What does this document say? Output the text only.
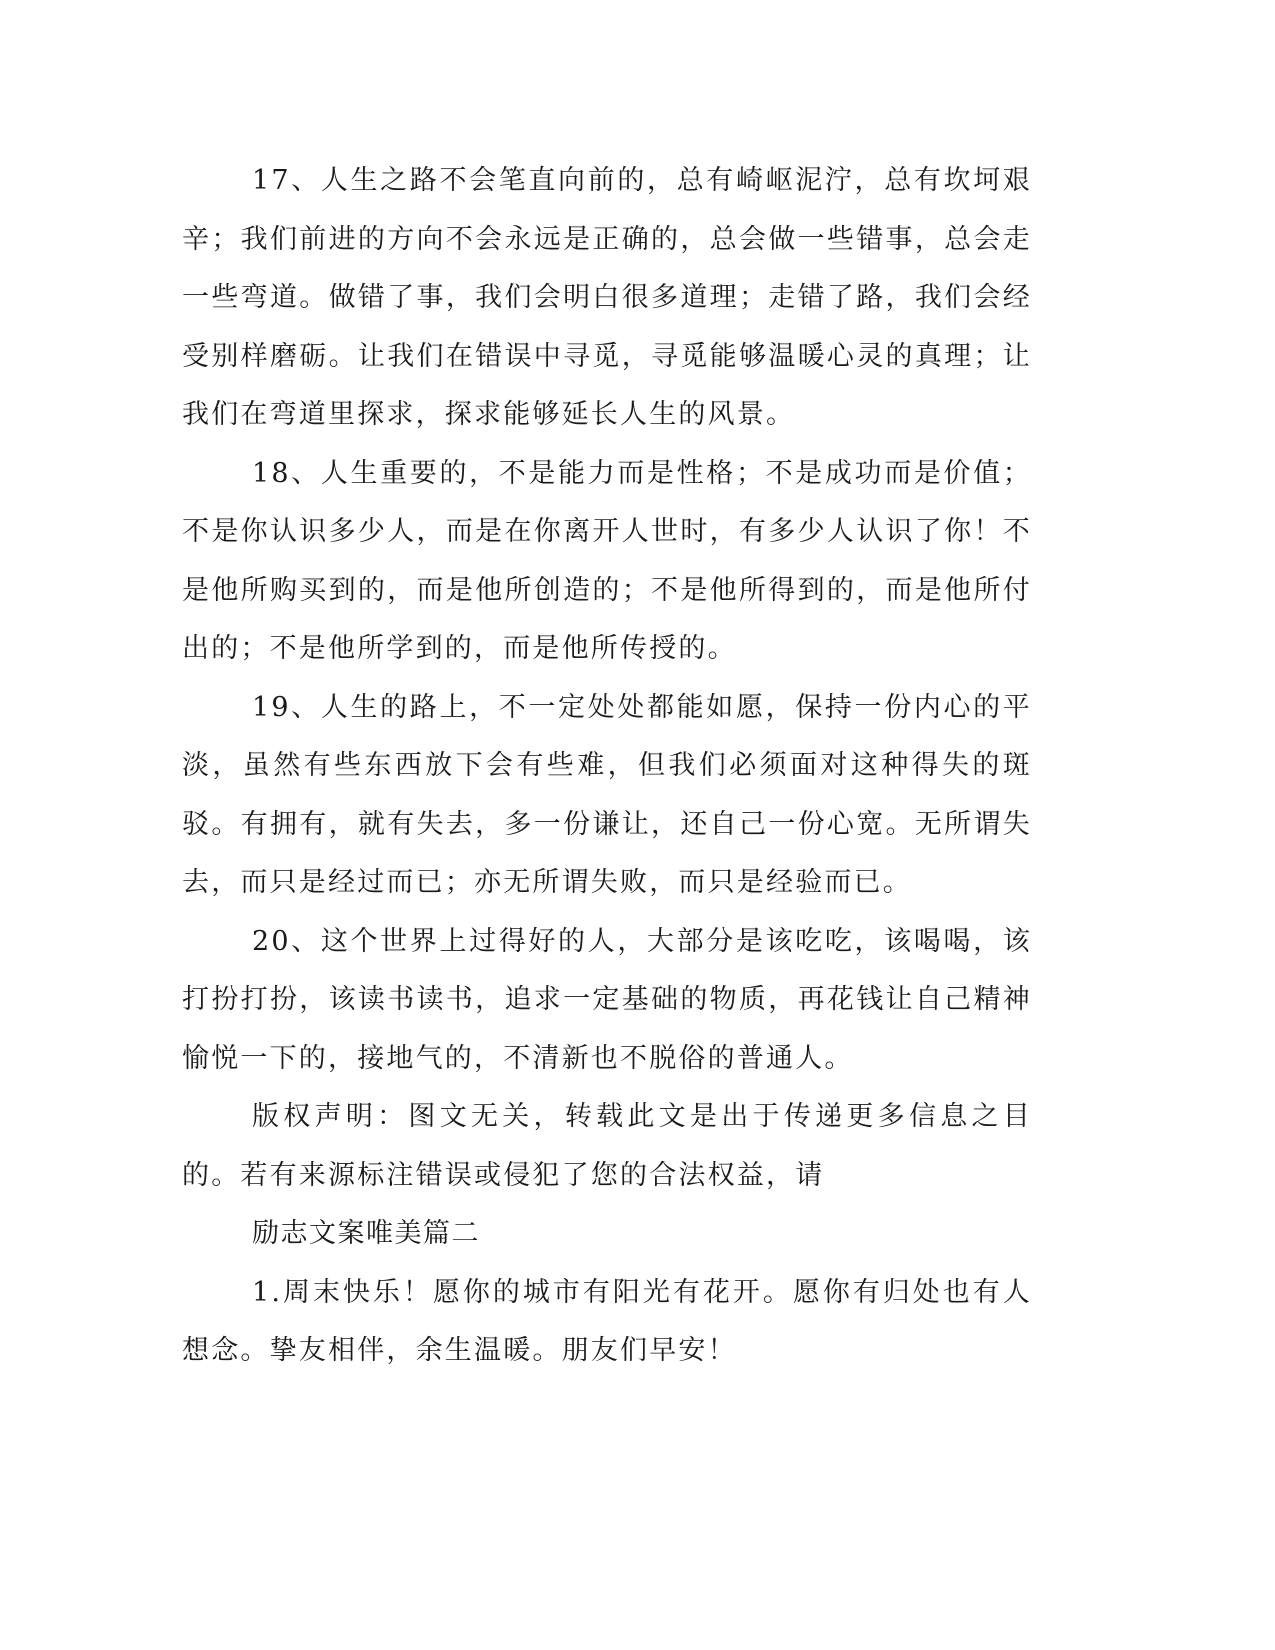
17、人生之路不会笔直向前的，总有崎岖泥泞，总有坎坷艰辛；我们前进的方向不会永远是正确的，总会做一些错事，总会走一些弯道。做错了事，我们会明白很多道理；走错了路，我们会经受别样磨砺。让我们在错误中寻觅，寻觅能够温暖心灵的真理；让我们在弯道里探求，探求能够延长人生的风景。

18、人生重要的，不是能力而是性格；不是成功而是价值；不是你认识多少人，而是在你离开人世时，有多少人认识了你！不是他所购买到的，而是他所创造的；不是他所得到的，而是他所付出的；不是他所学到的，而是他所传授的。

19、人生的路上，不一定处处都能如愿，保持一份内心的平淡，虽然有些东西放下会有些难，但我们必须面对这种得失的斑驳。有拥有，就有失去，多一份谦让，还自己一份心宽。无所谓失去，而只是经过而已；亦无所谓失败，而只是经验而已。

20、这个世界上过得好的人，大部分是该吃吃，该喝喝，该打扮打扮，该读书读书，追求一定基础的物质，再花钱让自己精神愉悦一下的，接地气的，不清新也不脱俗的普通人。

版权声明：图文无关，转载此文是出于传递更多信息之目的。若有来源标注错误或侵犯了您的合法权益，请

励志文案唯美篇二

1.周末快乐！愿你的城市有阳光有花开。愿你有归处也有人想念。挚友相伴，余生温暖。朋友们早安！
